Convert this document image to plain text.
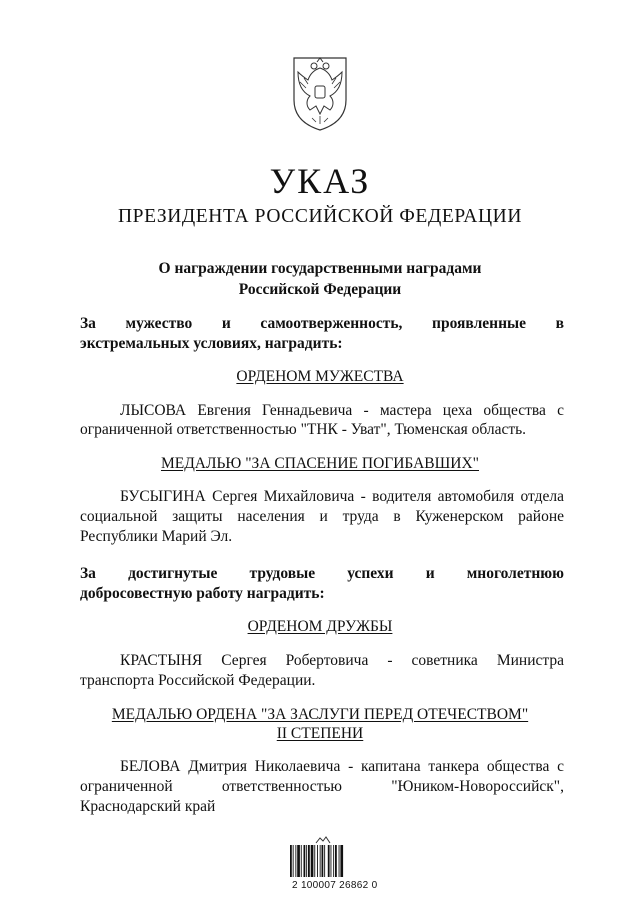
УКАЗ
ПРЕЗИДЕНТА РОССИЙСКОЙ ФЕДЕРАЦИИ
О награждении государственными наградами
Российской Федерации
За мужество и самоотверженность, проявленные в
экстремальных условиях, наградить:
ОРДЕНОМ МУЖЕСТВА
ЛЫСОВА Евгения Геннадьевича - мастера цеха общества с
ограниченной ответственностью "ТНК - Уват", Тюменская область.
МЕДАЛЬЮ "ЗА СПАСЕНИЕ ПОГИБАВШИХ"
БУСЫГИНА Сергея Михайловича - водителя автомобиля отдела
социальной защиты населения и труда в Куженерском районе
Республики Марий Эл.
За достигнутые трудовые успехи и многолетнюю
добросовестную работу наградить:
ОРДЕНОМ ДРУЖБЫ
КРАСТЫНЯ Сергея Робертовича - советника Министра
транспорта Российской Федерации.
МЕДАЛЬЮ ОРДЕНА "ЗА ЗАСЛУГИ ПЕРЕД ОТЕЧЕСТВОМ"
II СТЕПЕНИ
БЕЛОВА Дмитрия Николаевича - капитана танкера общества с
ограниченной	ответственностью	"Юником-Новороссийск",
Краснодарский край
2 100007 26862 0
